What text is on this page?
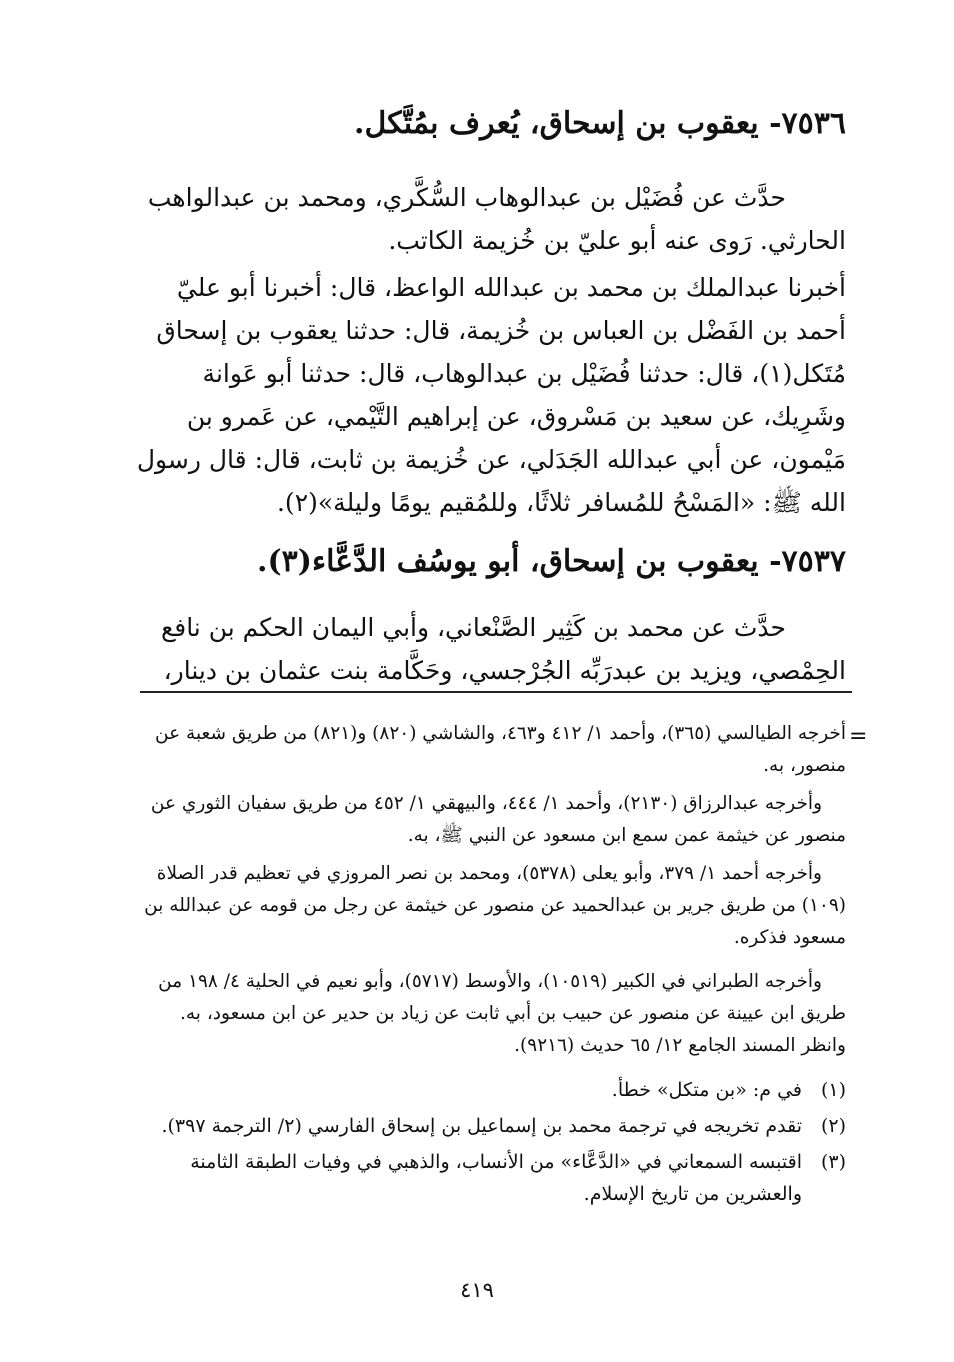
٧٥٣٦- يعقوب بن إسحاق، يُعرف بمُتَّكل.
حدَّث عن فُضَيْل بن عبدالوهاب السُّكَّري، ومحمد بن عبدالواهب الحارثي. رَوى عنه أبو عليّ بن خُزيمة الكاتب.
أخبرنا عبدالملك بن محمد بن عبدالله الواعظ، قال: أخبرنا أبو عليّ أحمد بن الفَضْل بن العباس بن خُزيمة، قال: حدثنا يعقوب بن إسحاق مُتَكل(١)، قال: حدثنا فُضَيْل بن عبدالوهاب، قال: حدثنا أبو عَوانة وشَرِيك، عن سعيد بن مَسْروق، عن إبراهيم التَّيْمي، عن عَمرو بن مَيْمون، عن أبي عبدالله الجَدَلي، عن خُزيمة بن ثابت، قال: قال رسول الله ﷺ: «المَسْحُ للمُسافر ثلاثًا، وللمُقيم يومًا وليلة»(٢).
٧٥٣٧- يعقوب بن إسحاق، أبو يوسُف الدَّعَّاء(٣).
حدَّث عن محمد بن كَثِير الصَّنْعاني، وأبي اليمان الحكم بن نافع الحِمْصي، ويزيد بن عبدرَبِّه الجُرْجسي، وحَكَّامة بنت عثمان بن دينار،
=
أخرجه الطيالسي (٣٦٥)، وأحمد ١/ ٤١٢ و٤٦٣، والشاشي (٨٢٠) و(٨٢١) من طريق شعبة عن منصور، به.
وأخرجه عبدالرزاق (٢١٣٠)، وأحمد ١/ ٤٤٤، والبيهقي ١/ ٤٥٢ من طريق سفيان الثوري عن منصور عن خيثمة عمن سمع ابن مسعود عن النبي ﷺ، به.
وأخرجه أحمد ١/ ٣٧٩، وأبو يعلى (٥٣٧٨)، ومحمد بن نصر المروزي في تعظيم قدر الصلاة (١٠٩) من طريق جرير بن عبدالحميد عن منصور عن خيثمة عن رجل من قومه عن عبدالله بن مسعود فذكره.
وأخرجه الطبراني في الكبير (١٠٥١٩)، والأوسط (٥٧١٧)، وأبو نعيم في الحلية ٤/ ١٩٨ من طريق ابن عيينة عن منصور عن حبيب بن أبي ثابت عن زياد بن حدير عن ابن مسعود، به. وانظر المسند الجامع ١٢/ ٦٥ حديث (٩٢١٦).
(١)في م: «بن متكل» خطأ.
(٢)تقدم تخريجه في ترجمة محمد بن إسماعيل بن إسحاق الفارسي (٢/ الترجمة ٣٩٧).
(٣)اقتبسه السمعاني في «الدَّعَّاء» من الأنساب، والذهبي في وفيات الطبقة الثامنة والعشرين من تاريخ الإسلام.
٤١٩
